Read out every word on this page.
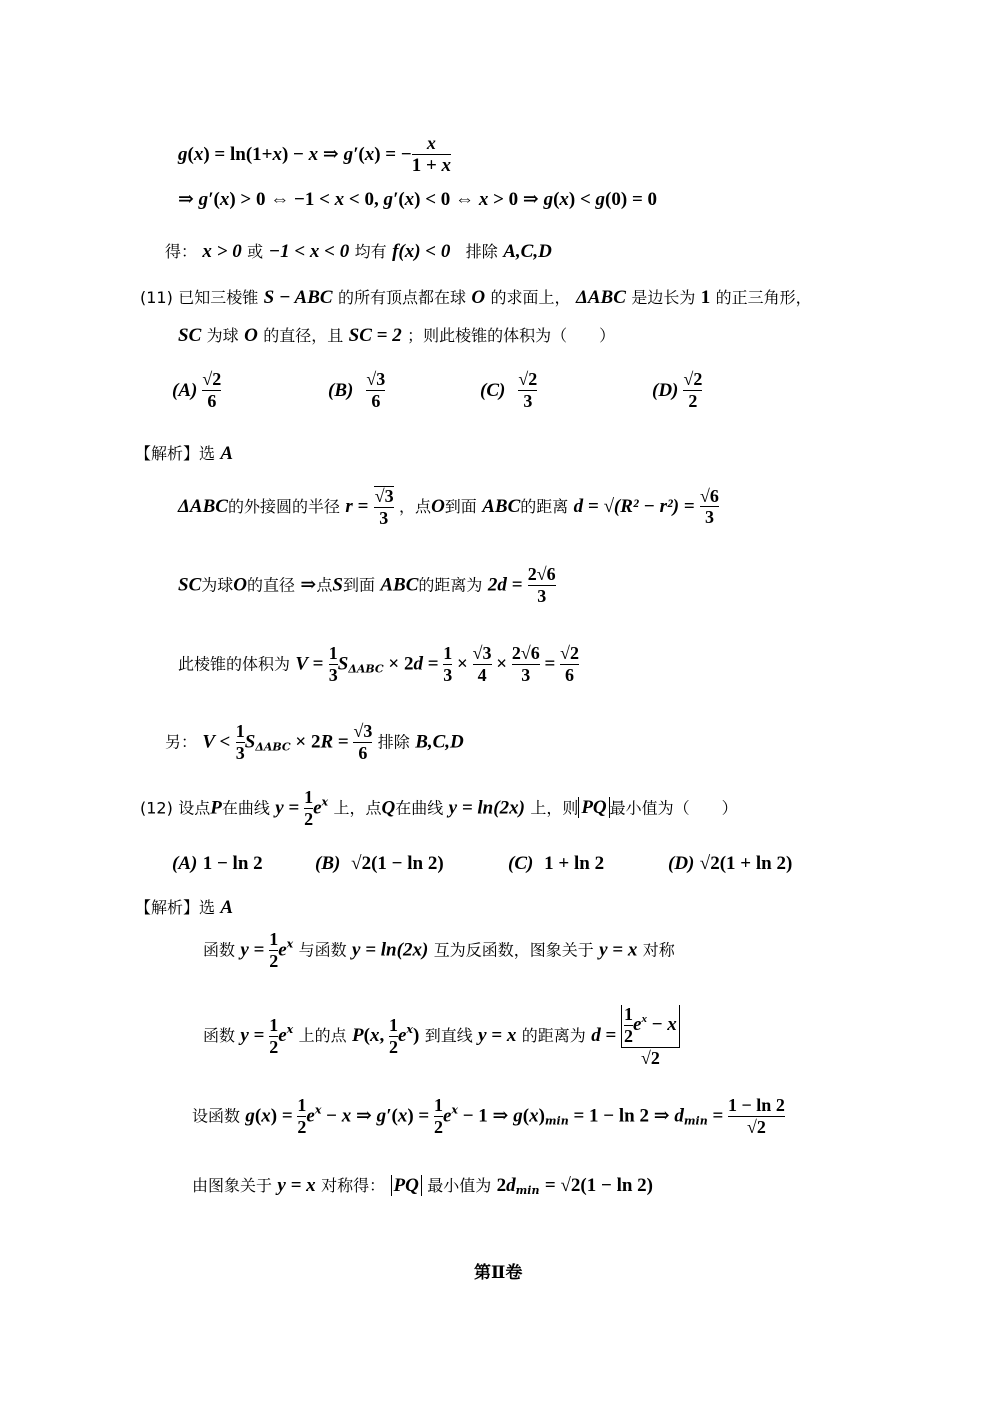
g(x) = ln(1+x) − x ⇒ g′(x) = − $\frac{x}{1 + x}$
⇒ g′(x) > 0 ⇔ −1 < x < 0, g′(x) < 0 ⇔ x > 0 ⇒ g(x) < g(0) = 0
得： x > 0 或 −1 < x < 0 均有 f(x) < 0 排除 A,C,D
(11) 已知三棱锥 S − ABC 的所有顶点都在球 O 的求面上， ΔABC 是边长为 1 的正三角形，
SC 为球 O 的直径，且 SC = 2 ；则此棱锥的体积为（　　）
$(A) \frac{√2}{6}$	$(B) \frac{√3}{6}$	$(C) \frac{√2}{3}$	$(D) \frac{√2}{2}$
【解析】选 A
ΔABC的外接圆的半径 $r = \frac{√3}{3}$ ，点O到面 ABC的距离 $d = √(R^2 - r^2) = \frac{√6}{3}$
SC为球O的直径 ⇒点S到面 ABC的距离为 $2d = \frac{2√6}{3}$
此棱锥的体积为 $V = \frac{1}{3} S_{\Delta ABC} \times 2d = \frac{1}{3} \times \frac{√3}{4} \times \frac{2√6}{3} = \frac{√2}{6}$
另： $V < \frac{1}{3} S_{\Delta ABC} \times 2R = \frac{√3}{6}$ 排除 B,C,D
(12) 设点P在曲线 $y = \frac{1}{2} e^x$ 上，点Q在曲线 y = ln(2x) 上，则 PQ 最小值为（　　）
(A) 1 − ln 2	(B) √2(1 − ln 2)	(C) 1 + ln 2	(D) √2(1 + ln 2)
【解析】选 A
函数 $y = \frac{1}{2} e^x$ 与函数 y = ln(2x) 互为反函数，图象关于 y = x 对称
函数 $y = \frac{1}{2} e^x$ 上的点 P(x, $\frac{1}{2} e^x$) 到直线 y = x 的距离为 $d = \frac{\frac{1}{2} e^x - x}{√2}$
设函数 $g(x) = \frac{1}{2} e^x - x$ ⇒ $g'(x) = \frac{1}{2} e^x - 1$ ⇒ $g(x)_{min} = 1 - \ln 2$ ⇒ $d_{min} = \frac{1 - \ln 2}{√2}$
由图象关于 y = x 对称得： PQ 最小值为 $2d_{min} = √2(1 - \ln 2)$
第Ⅱ卷
